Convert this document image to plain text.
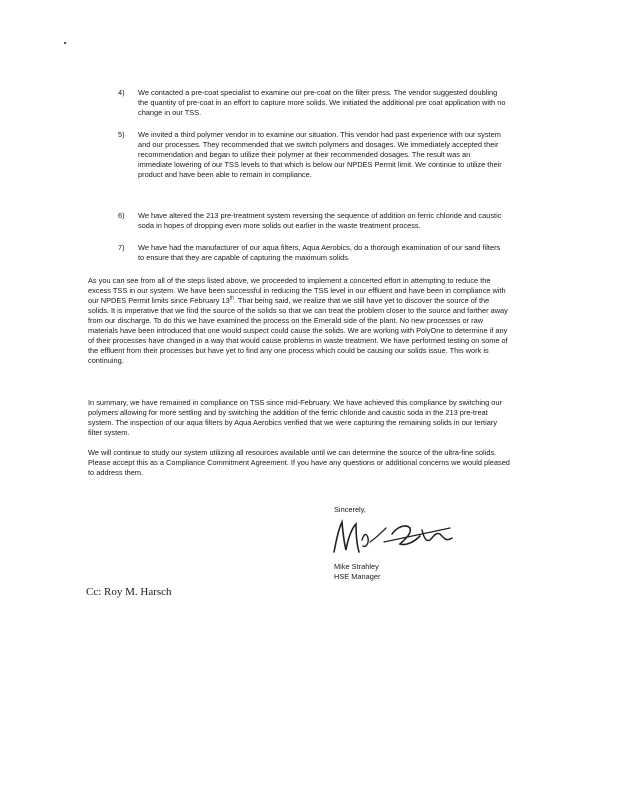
4)	We contacted a pre-coat specialist to examine our pre-coat on the filter press. The vendor suggested doubling the quantity of pre-coat in an effort to capture more solids. We initiated the additional pre coat application with no change in our TSS.
5)	We invited a third polymer vendor in to examine our situation. This vendor had past experience with our system and our processes. They recommended that we switch polymers and dosages. We immediately accepted their recommendation and began to utilize their polymer at their recommended dosages. The result was an immediate lowering of our TSS levels to that which is below our NPDES Permit limit. We continue to utilize their product and have been able to remain in compliance.
6)	We have altered the 213 pre-treatment system reversing the sequence of addition on ferric chloride and caustic soda in hopes of dropping even more solids out earlier in the waste treatment process.
7)	We have had the manufacturer of our aqua filters, Aqua Aerobics, do a thorough examination of our sand filters to ensure that they are capable of capturing the maximum solids.
As you can see from all of the steps listed above, we proceeded to implement a concerted effort in attempting to reduce the excess TSS in our system. We have been successful in reducing the TSS level in our effluent and have been in compliance with our NPDES Permit limits since February 13th. That being said, we realize that we still have yet to discover the source of the solids. It is imperative that we find the source of the solids so that we can treat the problem closer to the source and farther away from our discharge. To do this we have examined the process on the Emerald side of the plant. No new processes or raw materials have been introduced that one would suspect could cause the solids. We are working with PolyOne to determine if any of their processes have changed in a way that would cause problems in waste treatment. We have performed testing on some of the effluent from their processes but have yet to find any one process which could be causing our solids issue. This work is continuing.
In summary, we have remained in compliance on TSS since mid-February. We have achieved this compliance by switching our polymers allowing for more settling and by switching the addition of the ferric chloride and caustic soda in the 213 pre-treat system. The inspection of our aqua filters by Aqua Aerobics verified that we were capturing the remaining solids in our tertiary filter system.
We will continue to study our system utilizing all resources available until we can determine the source of the ultra-fine solids. Please accept this as a Compliance Commitment Agreement. If you have any questions or additional concerns we would pleased to address them.
Sincerely,
Mike Strahley
HSE Manager
Cc: Roy M. Harsch
